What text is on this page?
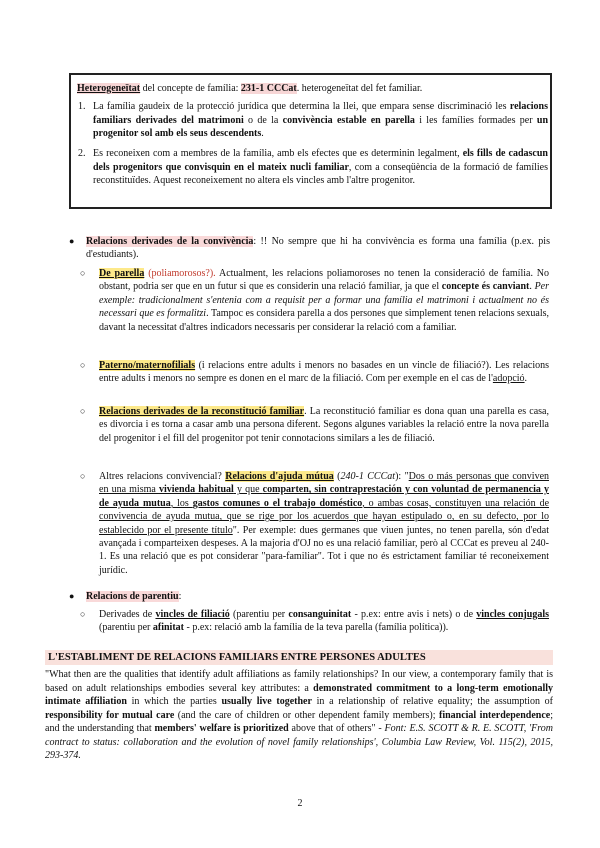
Heterogeneïtat del concepte de família: 231-1 CCCat. heterogeneïtat del fet familiar.
1. La família gaudeix de la protecció jurídica que determina la llei, que empara sense discriminació les relacions familiars derivades del matrimoni o de la convivència estable en parella i les famílies formades per un progenitor sol amb els seus descendents.
2. Es reconeixen com a membres de la família, amb els efectes que es determinin legalment, els fills de cadascun dels progenitors que convisquin en el mateix nucli familiar, com a conseqüència de la formació de famílies reconstituïdes. Aquest reconeixement no altera els vincles amb l'altre progenitor.
● Relacions derivades de la convivència: !! No sempre que hi ha convivència es forma una família (p.ex. pis d'estudiants).
○ De parella (poliamorosos?). Actualment, les relacions poliamoroses no tenen la consideració de família. No obstant, podria ser que en un futur si que es considerin una relació familiar, ja que el concepte és canviant. Per exemple: tradicionalment s'entenia com a requisit per a formar una família el matrimoni i actualment no és necessari que es formalitzi. Tampoc es considera parella a dos persones que simplement tenen relacions sexuals, davant la necessitat d'altres indicadors necessaris per considerar la relació com a familiar.
○ Paterno/maternofilials (i relacions entre adults i menors no basades en un vincle de filiació?). Les relacions entre adults i menors no sempre es donen en el marc de la filiació. Com per exemple en el cas de l'adopció.
○ Relacions derivades de la reconstitució familiar. La reconstitució familiar es dona quan una parella es casa, es divorcia i es torna a casar amb una persona diferent. Segons algunes variables la relació entre la nova parella del progenitor i el fill del progenitor pot tenir connotacions similars a les de filiació.
○ Altres relacions convivencial? Relacions d'ajuda mútua (240-1 CCCat): "Dos o más personas que conviven en una misma vivienda habitual y que comparten, sin contraprestación y con voluntad de permanencia y de ayuda mutua, los gastos comunes o el trabajo doméstico, o ambas cosas, constituyen una relación de convivencia de ayuda mutua, que se rige por los acuerdos que hayan estipulado o, en su defecto, por lo establecido por el presente título". Per exemple: dues germanes que viuen juntes, no tenen parella, són d'edat avançada i comparteixen despeses. A la majoria d'OJ no es una relació familiar, però al CCCat es preveu al 240-1. Es una relació que es pot considerar "para-familiar". Tot i que no és estrictament familiar té reconeixement jurídic.
● Relacions de parentiu:
○ Derivades de vincles de filiació (parentiu per consanguinitat - p.ex: entre avis i nets) o de vincles conjugals (parentiu per afinitat - p.ex: relació amb la família de la teva parella (família política)).
L'ESTABLIMENT DE RELACIONS FAMILIARS ENTRE PERSONES ADULTES
"What then are the qualities that identify adult affiliations as family relationships? In our view, a contemporary family that is based on adult relationships embodies several key attributes: a demonstrated commitment to a long-term emotionally intimate affiliation in which the parties usually live together in a relationship of relative equality; the assumption of responsibility for mutual care (and the care of children or other dependent family members); financial interdependence; and the understanding that members' welfare is prioritized above that of others" - Font: E.S. SCOTT & R. E. SCOTT, 'From contract to status: collaboration and the evolution of novel family relationships', Columbia Law Review, Vol. 115(2), 2015, 293-374.
2
